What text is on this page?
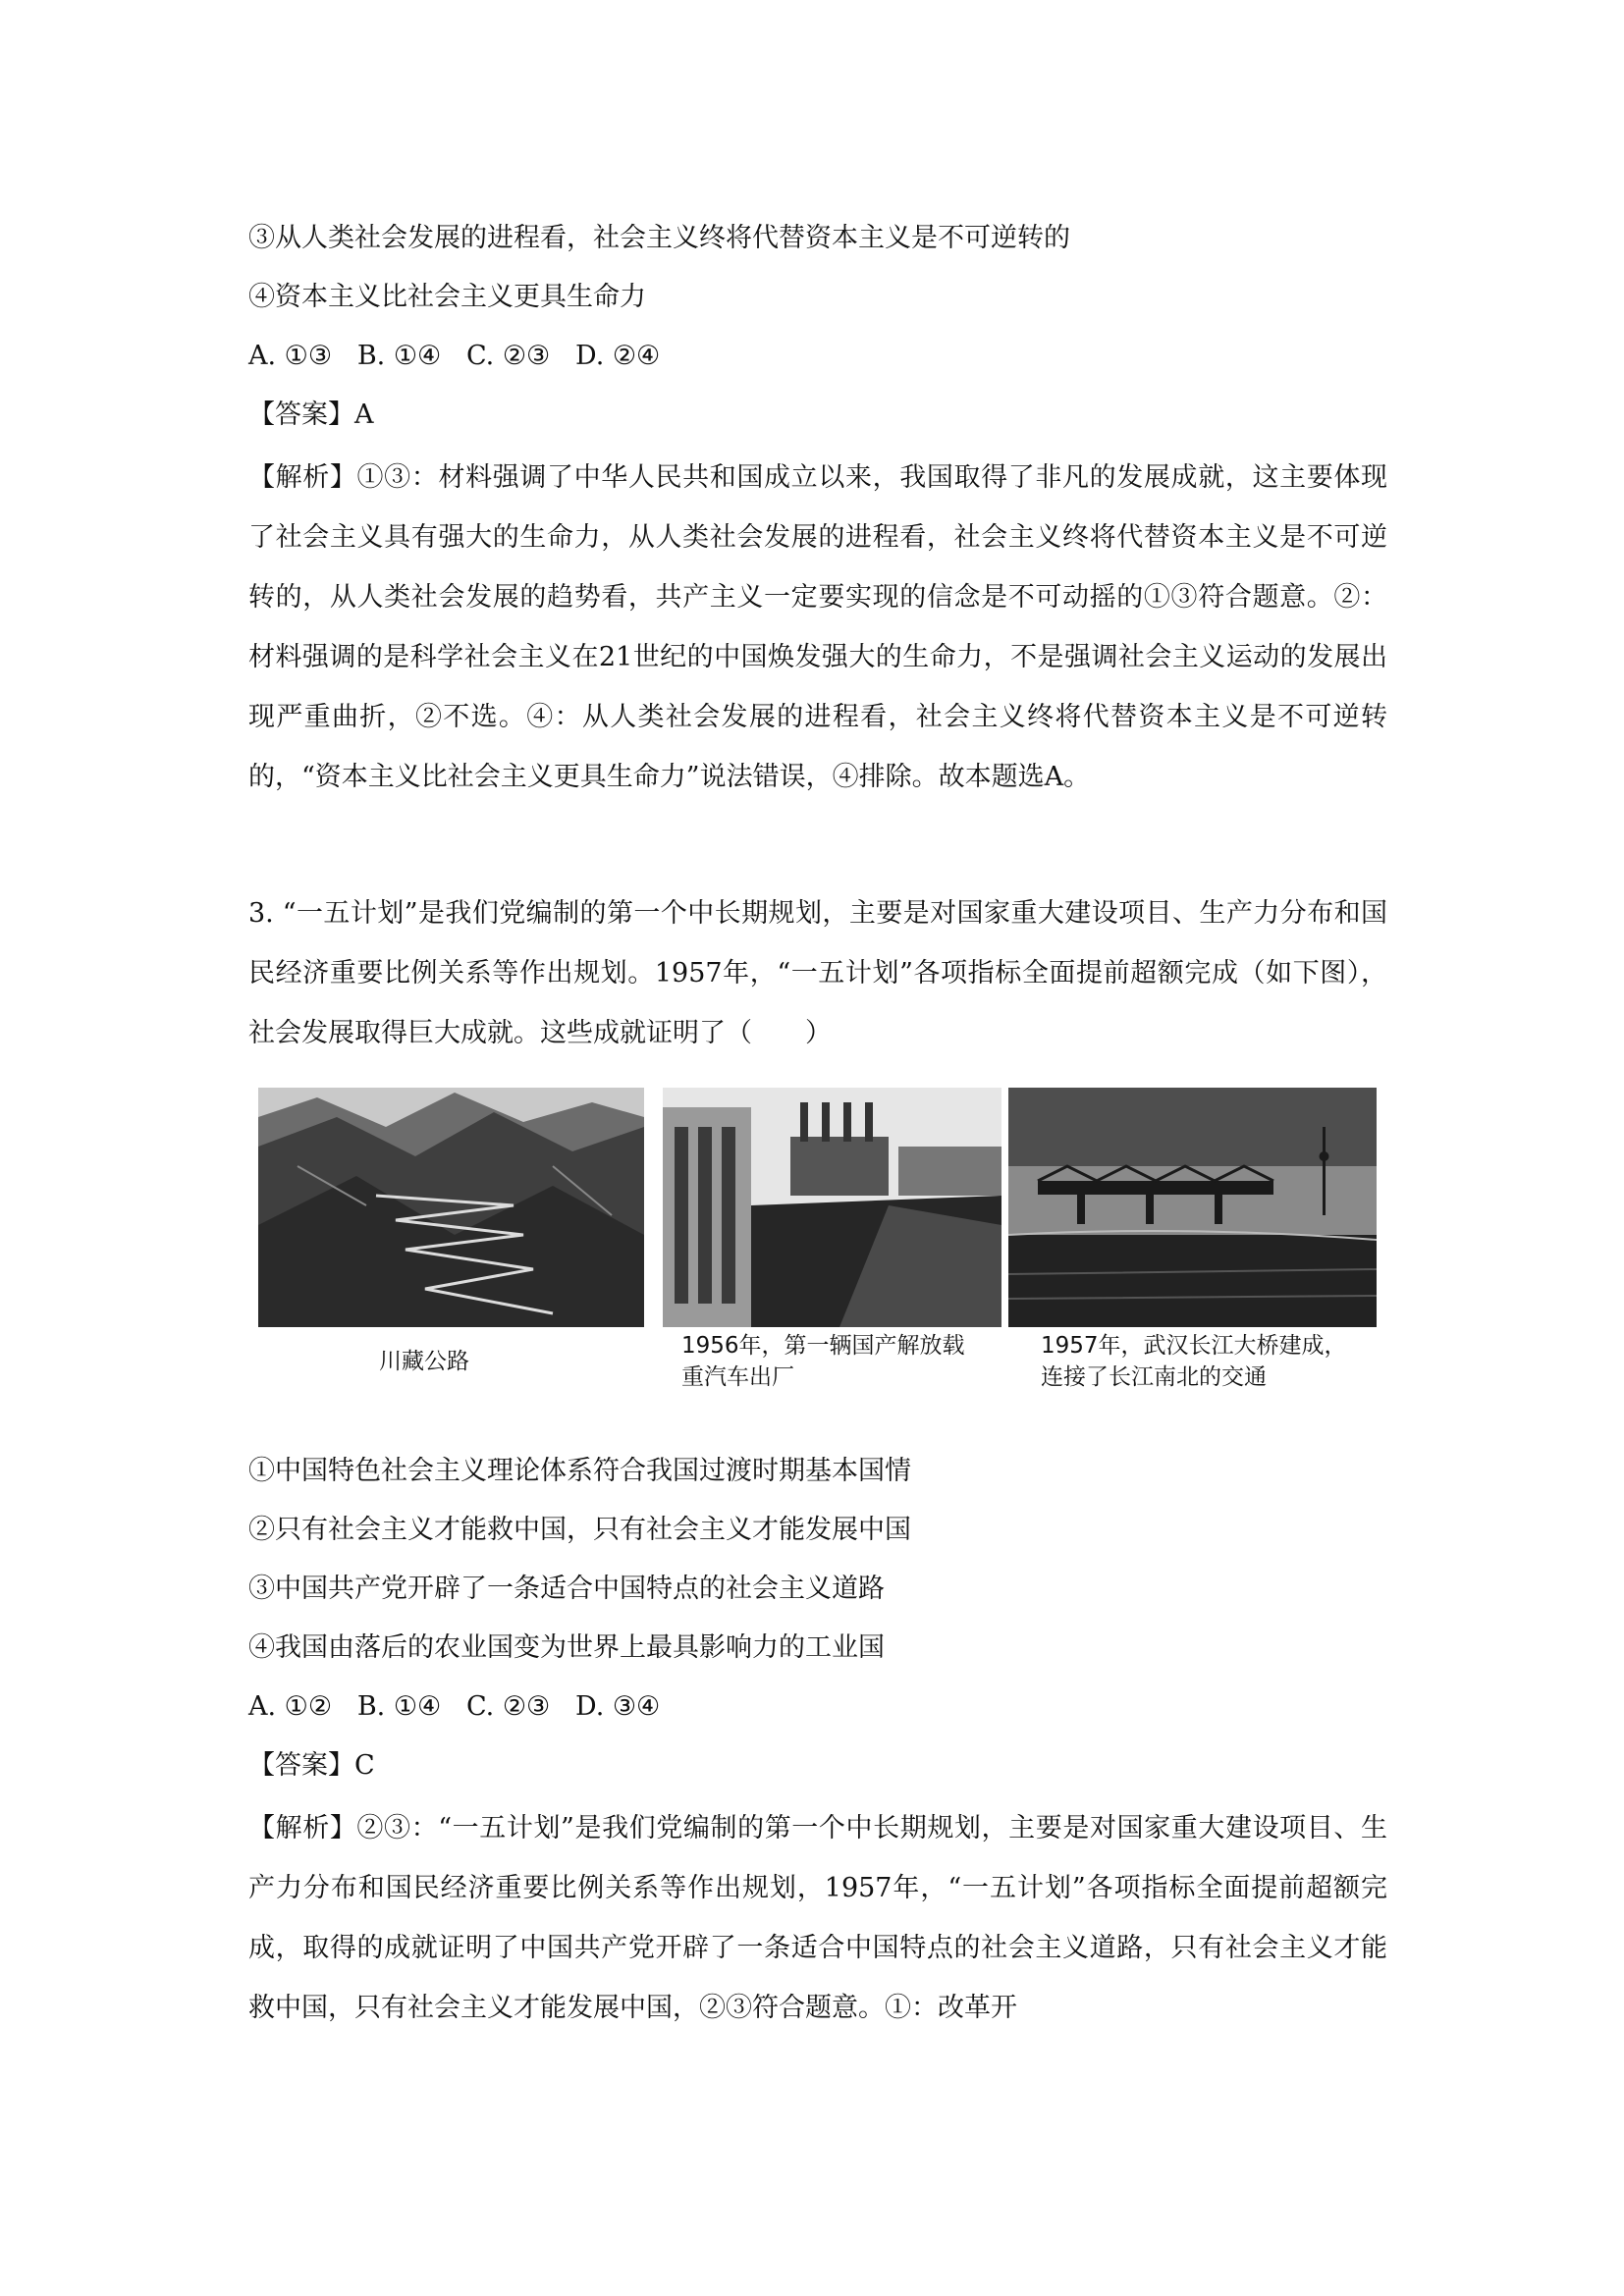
③从人类社会发展的进程看，社会主义终将代替资本主义是不可逆转的
④资本主义比社会主义更具生命力
A. ①③   B. ①④   C. ②③   D. ②④
【答案】A
【解析】①③：材料强调了中华人民共和国成立以来，我国取得了非凡的发展成就，这主要体现了社会主义具有强大的生命力，从人类社会发展的进程看，社会主义终将代替资本主义是不可逆转的，从人类社会发展的趋势看，共产主义一定要实现的信念是不可动摇的①③符合题意。②：材料强调的是科学社会主义在21世纪的中国焕发强大的生命力，不是强调社会主义运动的发展出现严重曲折，②不选。④：从人类社会发展的进程看，社会主义终将代替资本主义是不可逆转的，“资本主义比社会主义更具生命力”说法错误，④排除。故本题选A。
3. “一五计划”是我们党编制的第一个中长期规划，主要是对国家重大建设项目、生产力分布和国民经济重要比例关系等作出规划。1957年，“一五计划”各项指标全面提前超额完成（如下图），社会发展取得巨大成就。这些成就证明了（　　）
川藏公路
1956年，第一辆国产解放载
重汽车出厂
1957年，武汉长江大桥建成，
连接了长江南北的交通
①中国特色社会主义理论体系符合我国过渡时期基本国情
②只有社会主义才能救中国，只有社会主义才能发展中国
③中国共产党开辟了一条适合中国特点的社会主义道路
④我国由落后的农业国变为世界上最具影响力的工业国
A. ①②   B. ①④   C. ②③   D. ③④
【答案】C
【解析】②③：“一五计划”是我们党编制的第一个中长期规划，主要是对国家重大建设项目、生产力分布和国民经济重要比例关系等作出规划，1957年，“一五计划”各项指标全面提前超额完成，取得的成就证明了中国共产党开辟了一条适合中国特点的社会主义道路，只有社会主义才能救中国，只有社会主义才能发展中国，②③符合题意。①：改革开
